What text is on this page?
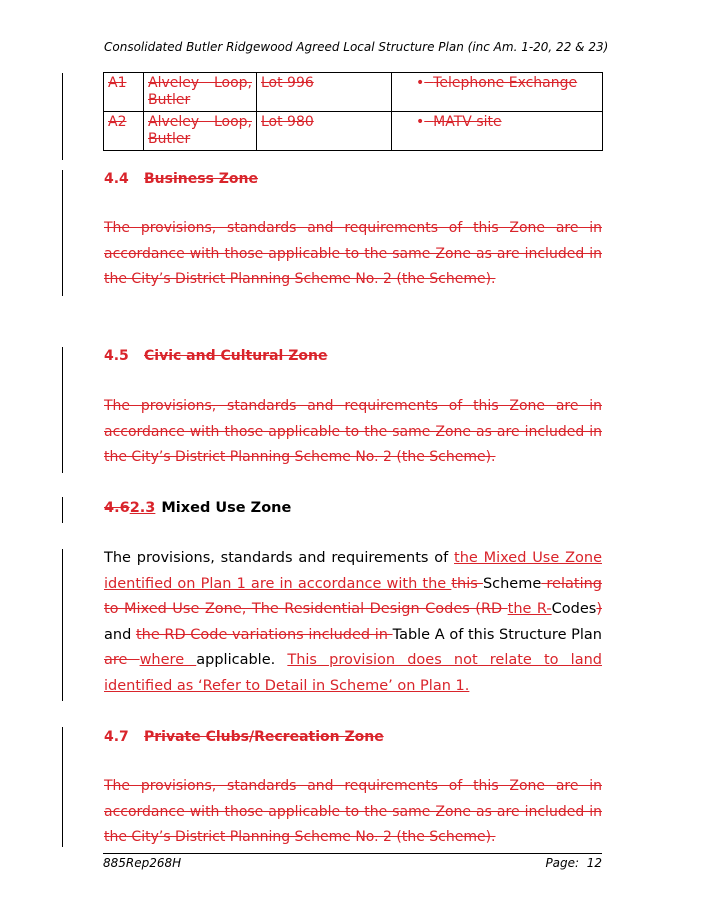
Consolidated Butler Ridgewood Agreed Local Structure Plan (inc Am. 1-20, 22 & 23)
A1	Alveley Loop, Butler	Lot 996	• Telephone Exchange
A2	Alveley Loop, Butler	Lot 980	• MATV site
4.4 Business Zone
The provisions, standards and requirements of this Zone are in accordance with those applicable to the same Zone as are included in the City’s District Planning Scheme No. 2 (the Scheme).
4.5 Civic and Cultural Zone
The provisions, standards and requirements of this Zone are in accordance with those applicable to the same Zone as are included in the City’s District Planning Scheme No. 2 (the Scheme).
4.62.3 Mixed Use Zone
The provisions, standards and requirements of the Mixed Use Zone identified on Plan 1 are in accordance with the this Scheme relating to Mixed Use Zone, The Residential Design Codes (RD the R-Codes) and the RD Code variations included in Table A of this Structure Plan are where applicable. This provision does not relate to land identified as ‘Refer to Detail in Scheme’ on Plan 1.
4.7 Private Clubs/Recreation Zone
The provisions, standards and requirements of this Zone are in accordance with those applicable to the same Zone as are included in the City’s District Planning Scheme No. 2 (the Scheme).
885Rep268H	Page: 12
